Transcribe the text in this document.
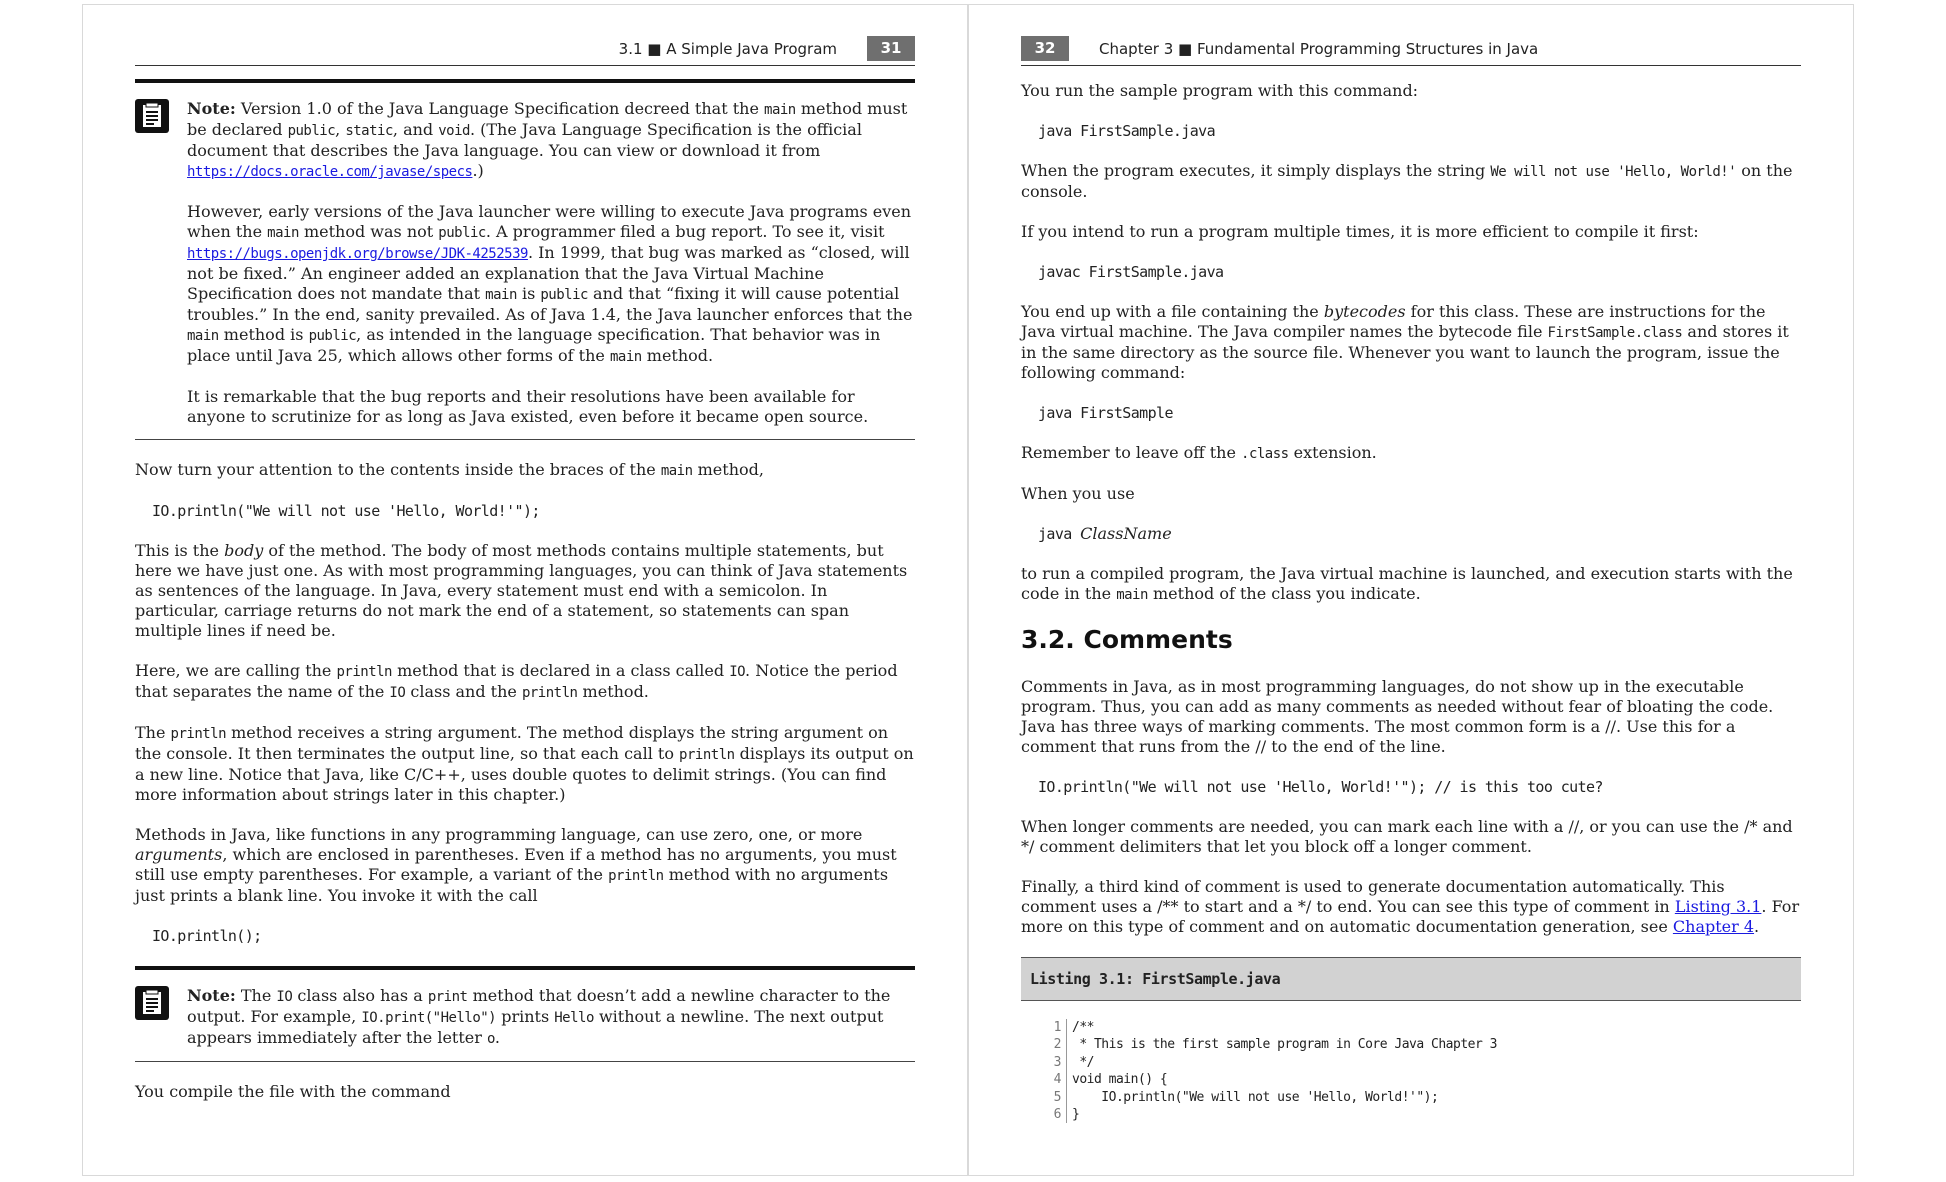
3.1 ■ A Simple Java Program	31

Note: Version 1.0 of the Java Language Specification decreed that the main method must be declared public, static, and void. (The Java Language Specification is the official document that describes the Java language. You can view or download it from https://docs.oracle.com/javase/specs.)

However, early versions of the Java launcher were willing to execute Java programs even when the main method was not public. A programmer filed a bug report. To see it, visit https://bugs.openjdk.org/browse/JDK-4252539. In 1999, that bug was marked as “closed, will not be fixed.” An engineer added an explanation that the Java Virtual Machine Specification does not mandate that main is public and that “fixing it will cause potential troubles.” In the end, sanity prevailed. As of Java 1.4, the Java launcher enforces that the main method is public, as intended in the language specification. That behavior was in place until Java 25, which allows other forms of the main method.

It is remarkable that the bug reports and their resolutions have been available for anyone to scrutinize for as long as Java existed, even before it became open source.

Now turn your attention to the contents inside the braces of the main method,

IO.println("We will not use 'Hello, World!'");

This is the body of the method. The body of most methods contains multiple statements, but here we have just one. As with most programming languages, you can think of Java statements as sentences of the language. In Java, every statement must end with a semicolon. In particular, carriage returns do not mark the end of a statement, so statements can span multiple lines if need be.

Here, we are calling the println method that is declared in a class called IO. Notice the period that separates the name of the IO class and the println method.

The println method receives a string argument. The method displays the string argument on the console. It then terminates the output line, so that each call to println displays its output on a new line. Notice that Java, like C/C++, uses double quotes to delimit strings. (You can find more information about strings later in this chapter.)

Methods in Java, like functions in any programming language, can use zero, one, or more arguments, which are enclosed in parentheses. Even if a method has no arguments, you must still use empty parentheses. For example, a variant of the println method with no arguments just prints a blank line. You invoke it with the call

IO.println();

Note: The IO class also has a print method that doesn’t add a newline character to the output. For example, IO.print("Hello") prints Hello without a newline. The next output appears immediately after the letter o.

You compile the file with the command

32	Chapter 3 ■ Fundamental Programming Structures in Java

You run the sample program with this command:

java FirstSample.java

When the program executes, it simply displays the string We will not use 'Hello, World!' on the console.

If you intend to run a program multiple times, it is more efficient to compile it first:

javac FirstSample.java

You end up with a file containing the bytecodes for this class. These are instructions for the Java virtual machine. The Java compiler names the bytecode file FirstSample.class and stores it in the same directory as the source file. Whenever you want to launch the program, issue the following command:

java FirstSample

Remember to leave off the .class extension.

When you use

java ClassName

to run a compiled program, the Java virtual machine is launched, and execution starts with the code in the main method of the class you indicate.

3.2. Comments

Comments in Java, as in most programming languages, do not show up in the executable program. Thus, you can add as many comments as needed without fear of bloating the code. Java has three ways of marking comments. The most common form is a //. Use this for a comment that runs from the // to the end of the line.

IO.println("We will not use 'Hello, World!'"); // is this too cute?

When longer comments are needed, you can mark each line with a //, or you can use the /* and */ comment delimiters that let you block off a longer comment.

Finally, a third kind of comment is used to generate documentation automatically. This comment uses a /** to start and a */ to end. You can see this type of comment in Listing 3.1. For more on this type of comment and on automatic documentation generation, see Chapter 4.

Listing 3.1: FirstSample.java
1 /**
2 * This is the first sample program in Core Java Chapter 3
3 */
4 void main() {
5 IO.println("We will not use 'Hello, World!'");
6 }
